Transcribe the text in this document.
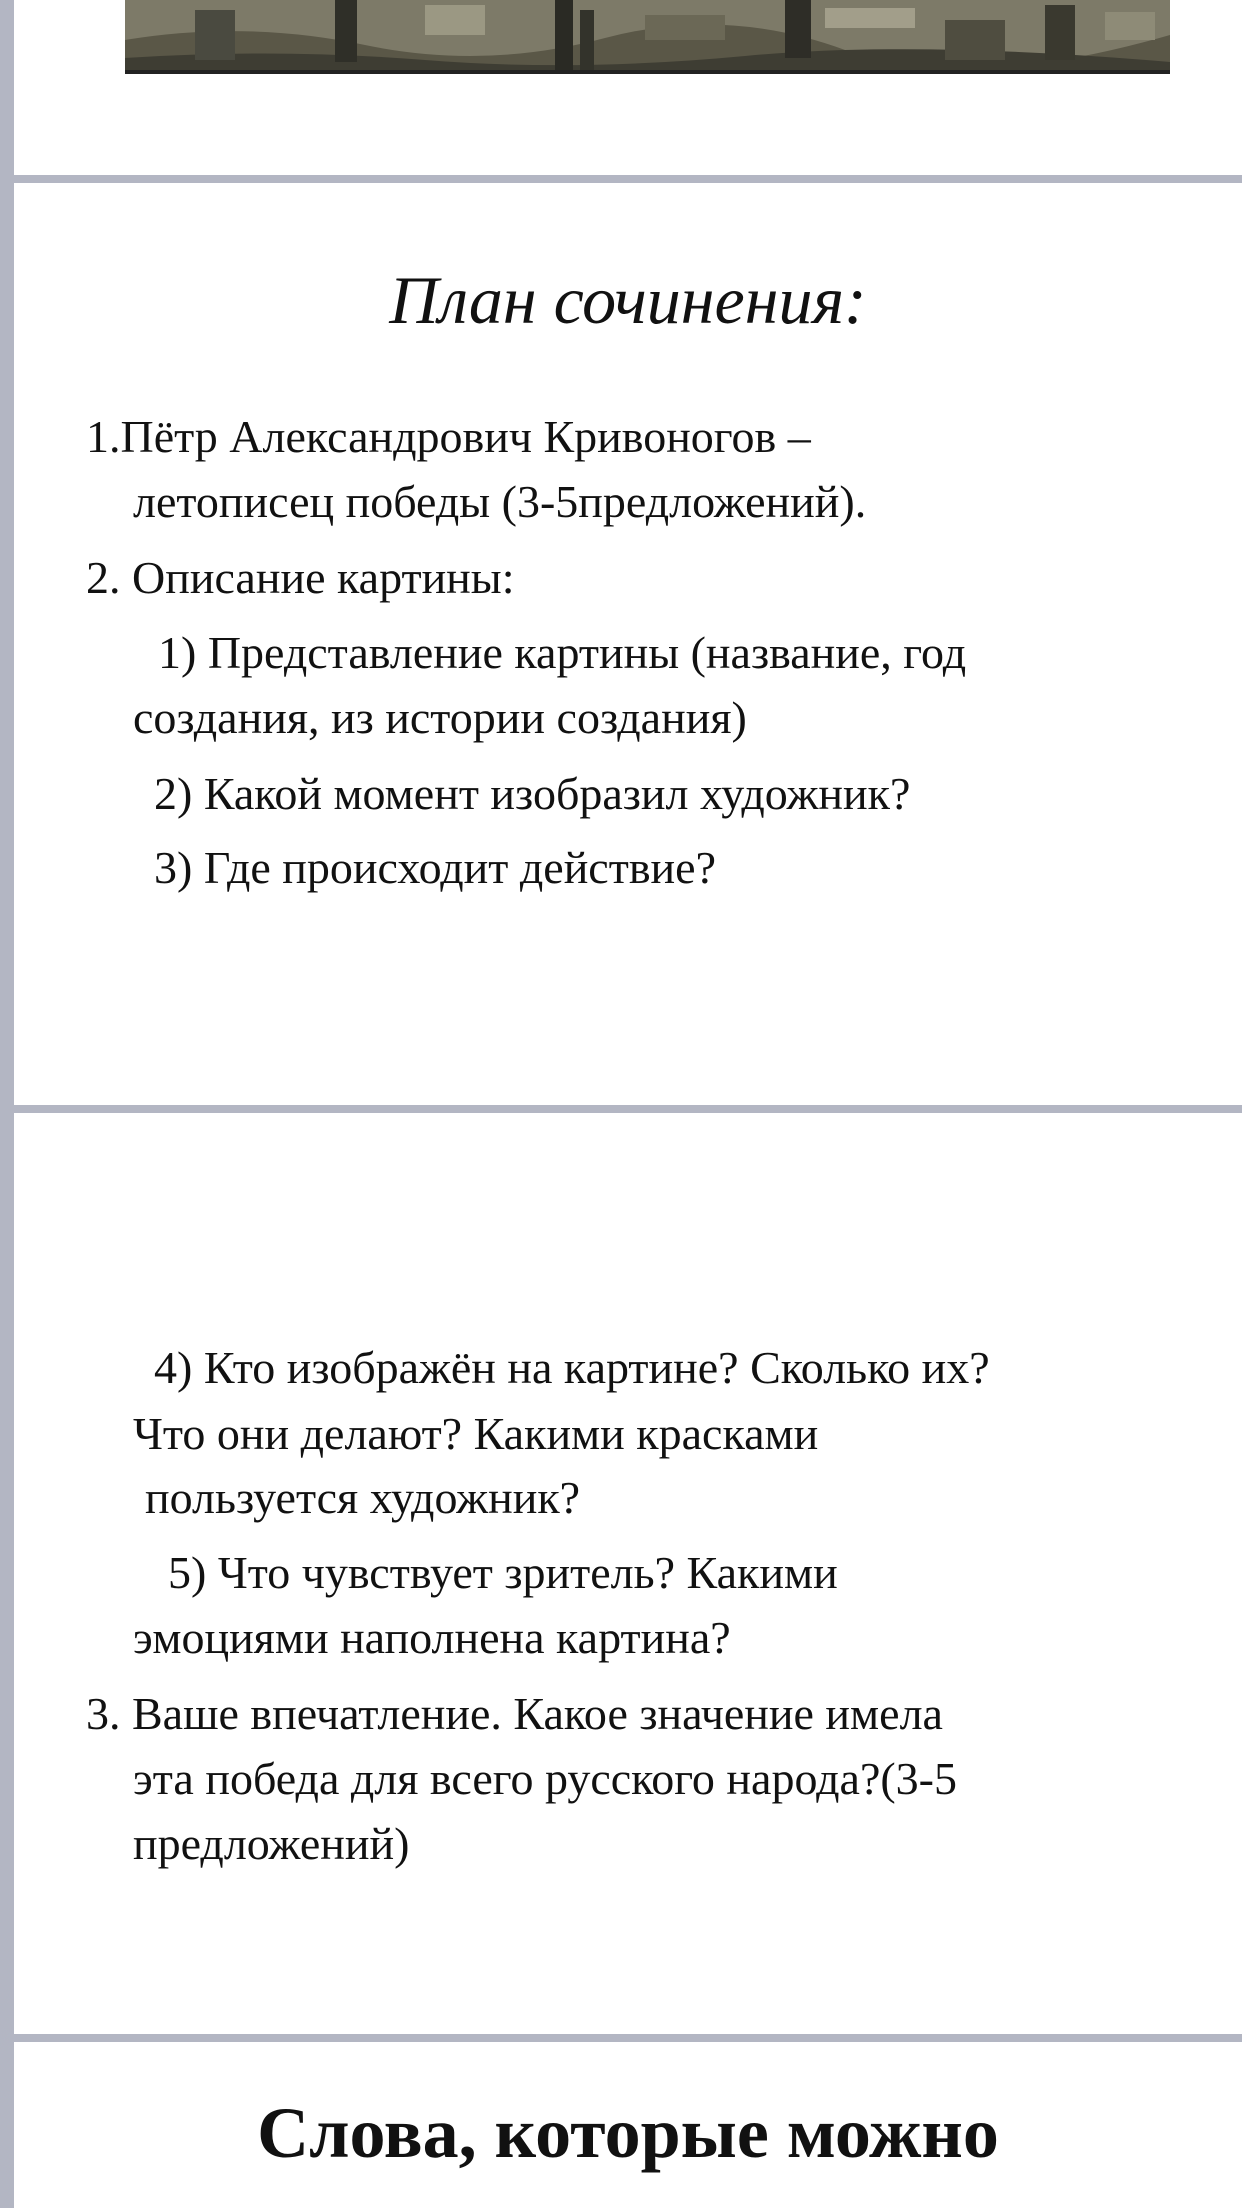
План сочинения:

1.Пётр Александрович Кривоногов –

летописец победы (3-5предложений).

2. Описание картины:

1) Представление картины (название, год

создания, из истории создания)

2) Какой момент изобразил художник?

3) Где происходит действие?

4) Кто изображён на картине? Сколько их?

Что они делают? Какими красками

пользуется художник?

5) Что чувствует зритель? Какими

эмоциями наполнена картина?

3. Ваше впечатление. Какое значение имела

эта победа для всего русского народа?(3-5

предложений)

Слова, которые можно
